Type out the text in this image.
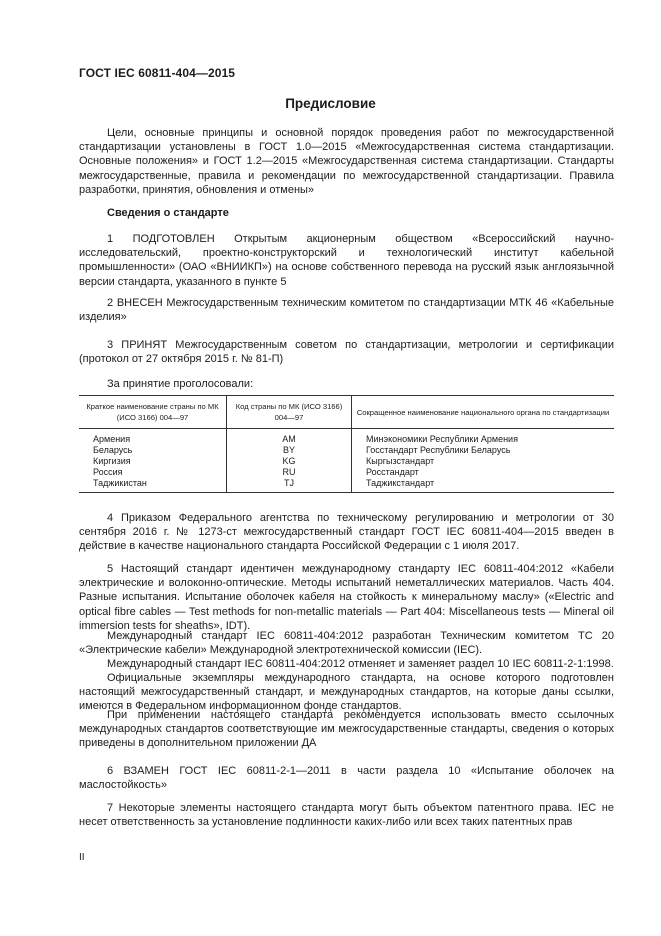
ГОСТ IEC 60811-404—2015
Предисловие

Цели, основные принципы и основной порядок проведения работ по межгосударственной стандартизации установлены в ГОСТ 1.0—2015 «Межгосударственная система стандартизации. Основные положения» и ГОСТ 1.2—2015 «Межгосударственная система стандартизации. Стандарты межгосударственные, правила и рекомендации по межгосударственной стандартизации. Правила разработки, принятия, обновления и отмены»

Сведения о стандарте

1 ПОДГОТОВЛЕН Открытым акционерным обществом «Всероссийский научно-исследовательский, проектно-конструкторский и технологический институт кабельной промышленности» (ОАО «ВНИИКП») на основе собственного перевода на русский язык англоязычной версии стандарта, указанного в пункте 5

2 ВНЕСЕН Межгосударственным техническим комитетом по стандартизации МТК 46 «Кабельные изделия»

3 ПРИНЯТ Межгосударственным советом по стандартизации, метрологии и сертификации (протокол от 27 октября 2015 г. № 81-П)

За принятие проголосовали:
Краткое наименование страны по МК (ИСО 3166) 004—97	Код страны по МК (ИСО 3166) 004—97	Сокращенное наименование национального органа по стандартизации
Армения	AM	Минэкономики Республики Армения
Беларусь	BY	Госстандарт Республики Беларусь
Киргизия	KG	Кыргызстандарт
Россия	RU	Росстандарт
Таджикистан	TJ	Таджикстандарт

4 Приказом Федерального агентства по техническому регулированию и метрологии от 30 сентября 2016 г. № 1273-ст межгосударственный стандарт ГОСТ IEC 60811-404—2015 введен в действие в качестве национального стандарта Российской Федерации с 1 июля 2017.

5 Настоящий стандарт идентичен международному стандарту IEC 60811-404:2012 «Кабели электрические и волоконно-оптические. Методы испытаний неметаллических материалов. Часть 404. Разные испытания. Испытание оболочек кабеля на стойкость к минеральному маслу» («Electric and optical fibre cables — Test methods for non-metallic materials — Part 404: Miscellaneous tests — Mineral oil immersion tests for sheaths», IDT).

Международный стандарт IEC 60811-404:2012 разработан Техническим комитетом ТС 20 «Электрические кабели» Международной электротехнической комиссии (IEC).

Международный стандарт IEC 60811-404:2012 отменяет и заменяет раздел 10 IEC 60811-2-1:1998.

Официальные экземпляры международного стандарта, на основе которого подготовлен настоящий межгосударственный стандарт, и международных стандартов, на которые даны ссылки, имеются в Федеральном информационном фонде стандартов.

При применении настоящего стандарта рекомендуется использовать вместо ссылочных международных стандартов соответствующие им межгосударственные стандарты, сведения о которых приведены в дополнительном приложении ДА

6 ВЗАМЕН ГОСТ IEC 60811-2-1—2011 в части раздела 10 «Испытание оболочек на маслостойкость»

7 Некоторые элементы настоящего стандарта могут быть объектом патентного права. IEC не несет ответственность за установление подлинности каких-либо или всех таких патентных прав

II
